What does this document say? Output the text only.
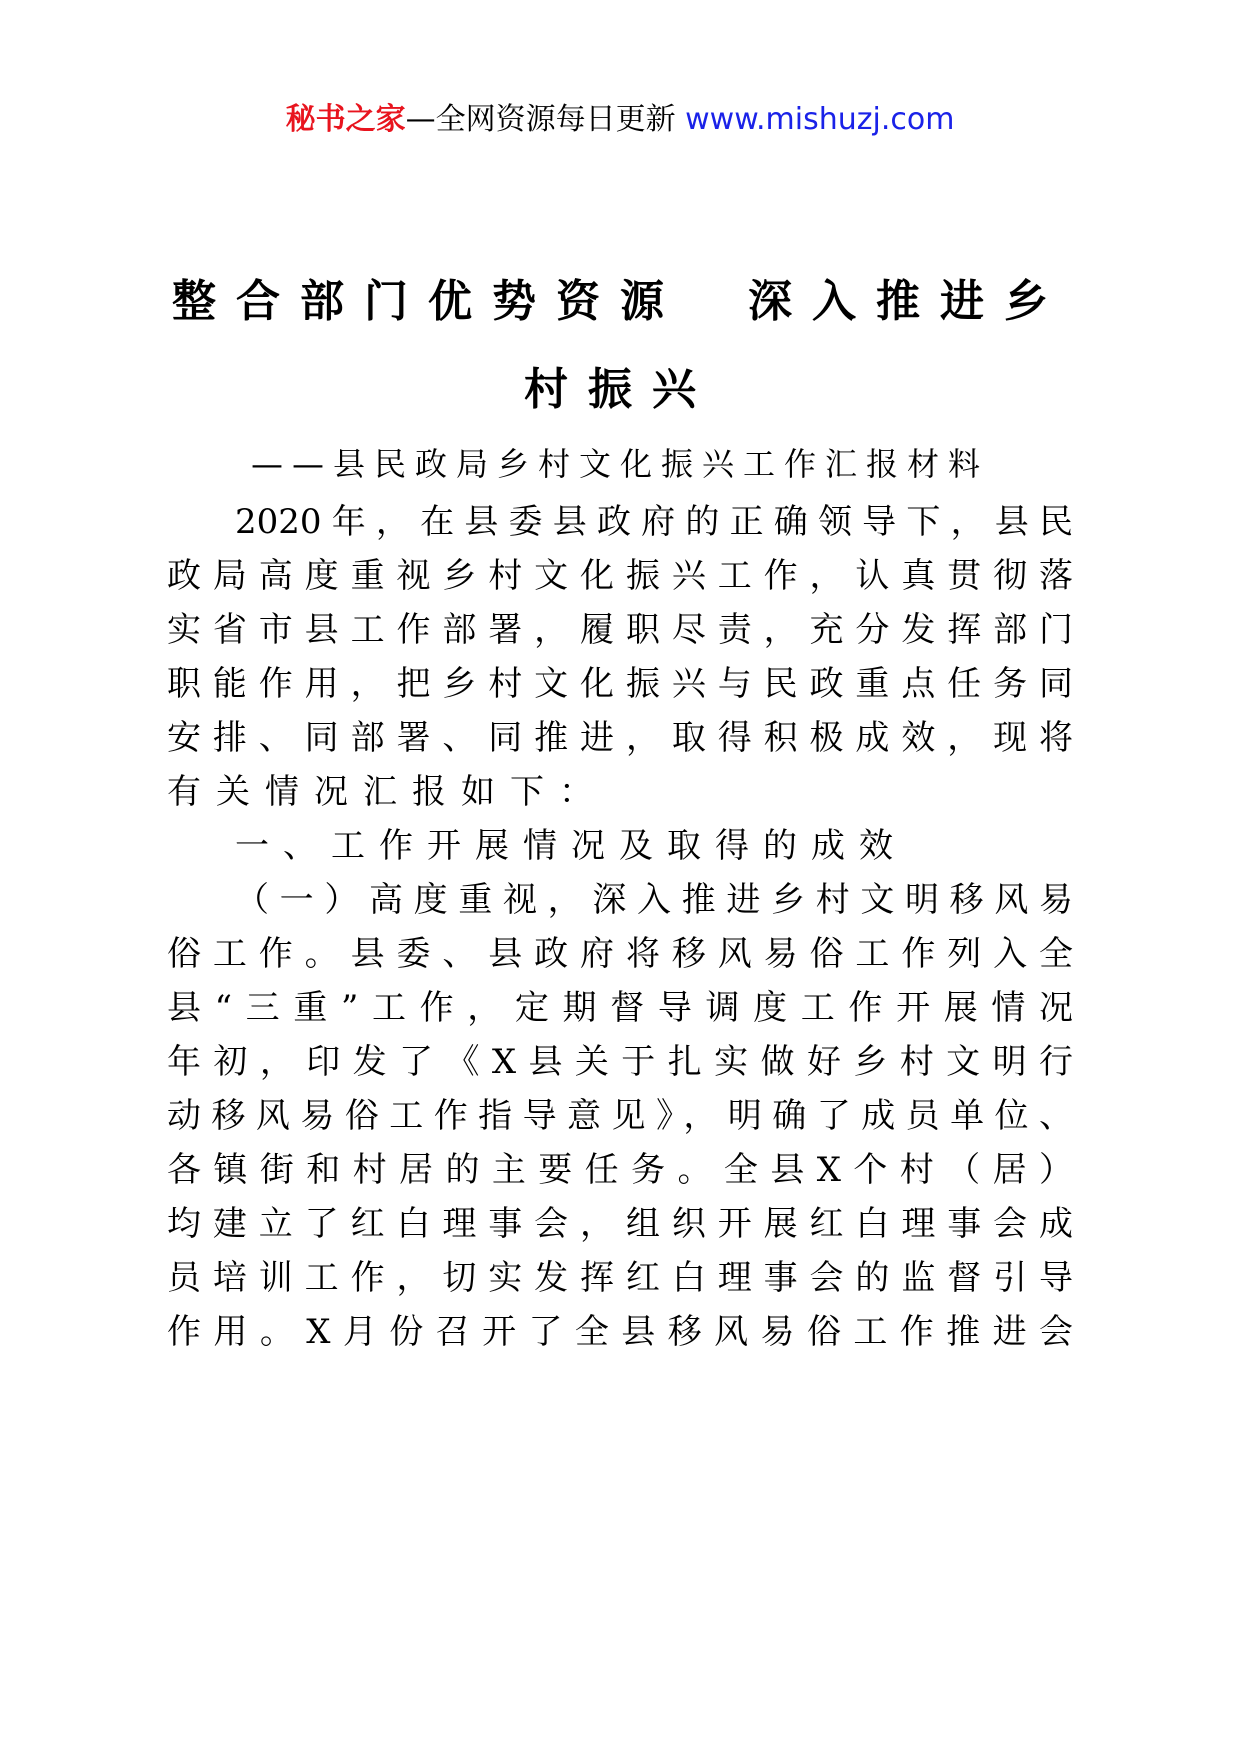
秘书之家—全网资源每日更新 www.mishuzj.com
整合部门优势资源　深入推进乡
村振兴
——县民政局乡村文化振兴工作汇报材料
2020年，在县委县政府的正确领导下，县民
政局高度重视乡村文化振兴工作，认真贯彻落
实省市县工作部署，履职尽责，充分发挥部门
职能作用，把乡村文化振兴与民政重点任务同
安排、同部署、同推进，取得积极成效，现将
有关情况汇报如下：
一、工作开展情况及取得的成效
（一）高度重视，深入推进乡村文明移风易
俗工作。县委、县政府将移风易俗工作列入全
县“三重”工作，定期督导调度工作开展情况
年初，印发了《X县关于扎实做好乡村文明行
动移风易俗工作指导意见》，明确了成员单位、
各镇街和村居的主要任务。全县X个村（居）
均建立了红白理事会，组织开展红白理事会成
员培训工作，切实发挥红白理事会的监督引导
作用。X月份召开了全县移风易俗工作推进会
